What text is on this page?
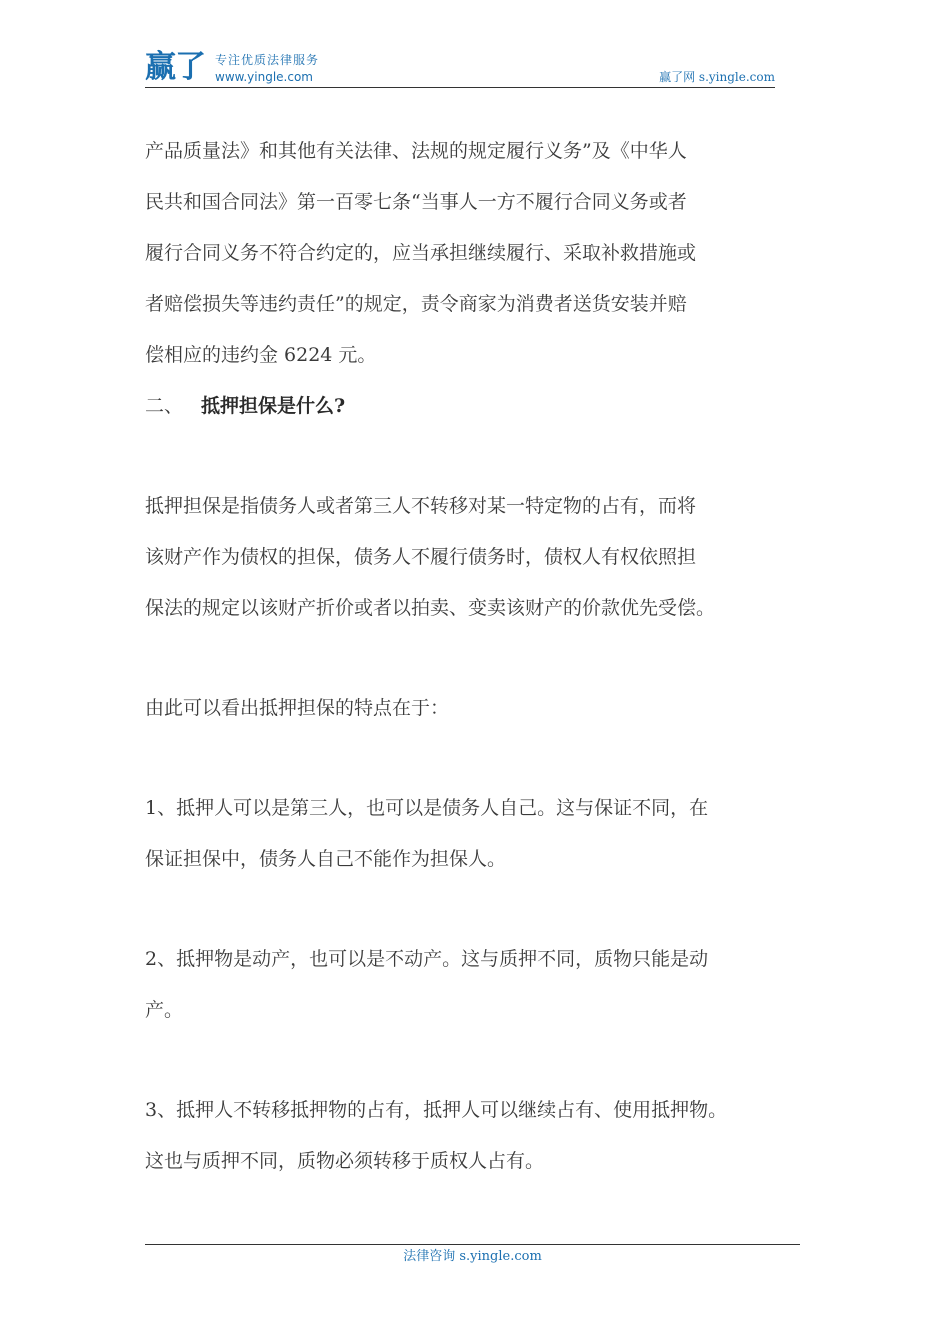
赢了 专注优质法律服务
www.yingle.com	赢了网 s.yingle.com

产品质量法》和其他有关法律、法规的规定履行义务”及《中华人

民共和国合同法》第一百零七条“当事人一方不履行合同义务或者

履行合同义务不符合约定的，应当承担继续履行、采取补救措施或

者赔偿损失等违约责任”的规定，责令商家为消费者送货安装并赔

偿相应的违约金 6224 元。

二、 抵押担保是什么?

抵押担保是指债务人或者第三人不转移对某一特定物的占有，而将

该财产作为债权的担保，债务人不履行债务时，债权人有权依照担

保法的规定以该财产折价或者以拍卖、变卖该财产的价款优先受偿。

由此可以看出抵押担保的特点在于：

1、抵押人可以是第三人，也可以是债务人自己。这与保证不同，在

保证担保中，债务人自己不能作为担保人。

2、抵押物是动产，也可以是不动产。这与质押不同，质物只能是动

产。

3、抵押人不转移抵押物的占有，抵押人可以继续占有、使用抵押物。

这也与质押不同，质物必须转移于质权人占有。

法律咨询 s.yingle.com
